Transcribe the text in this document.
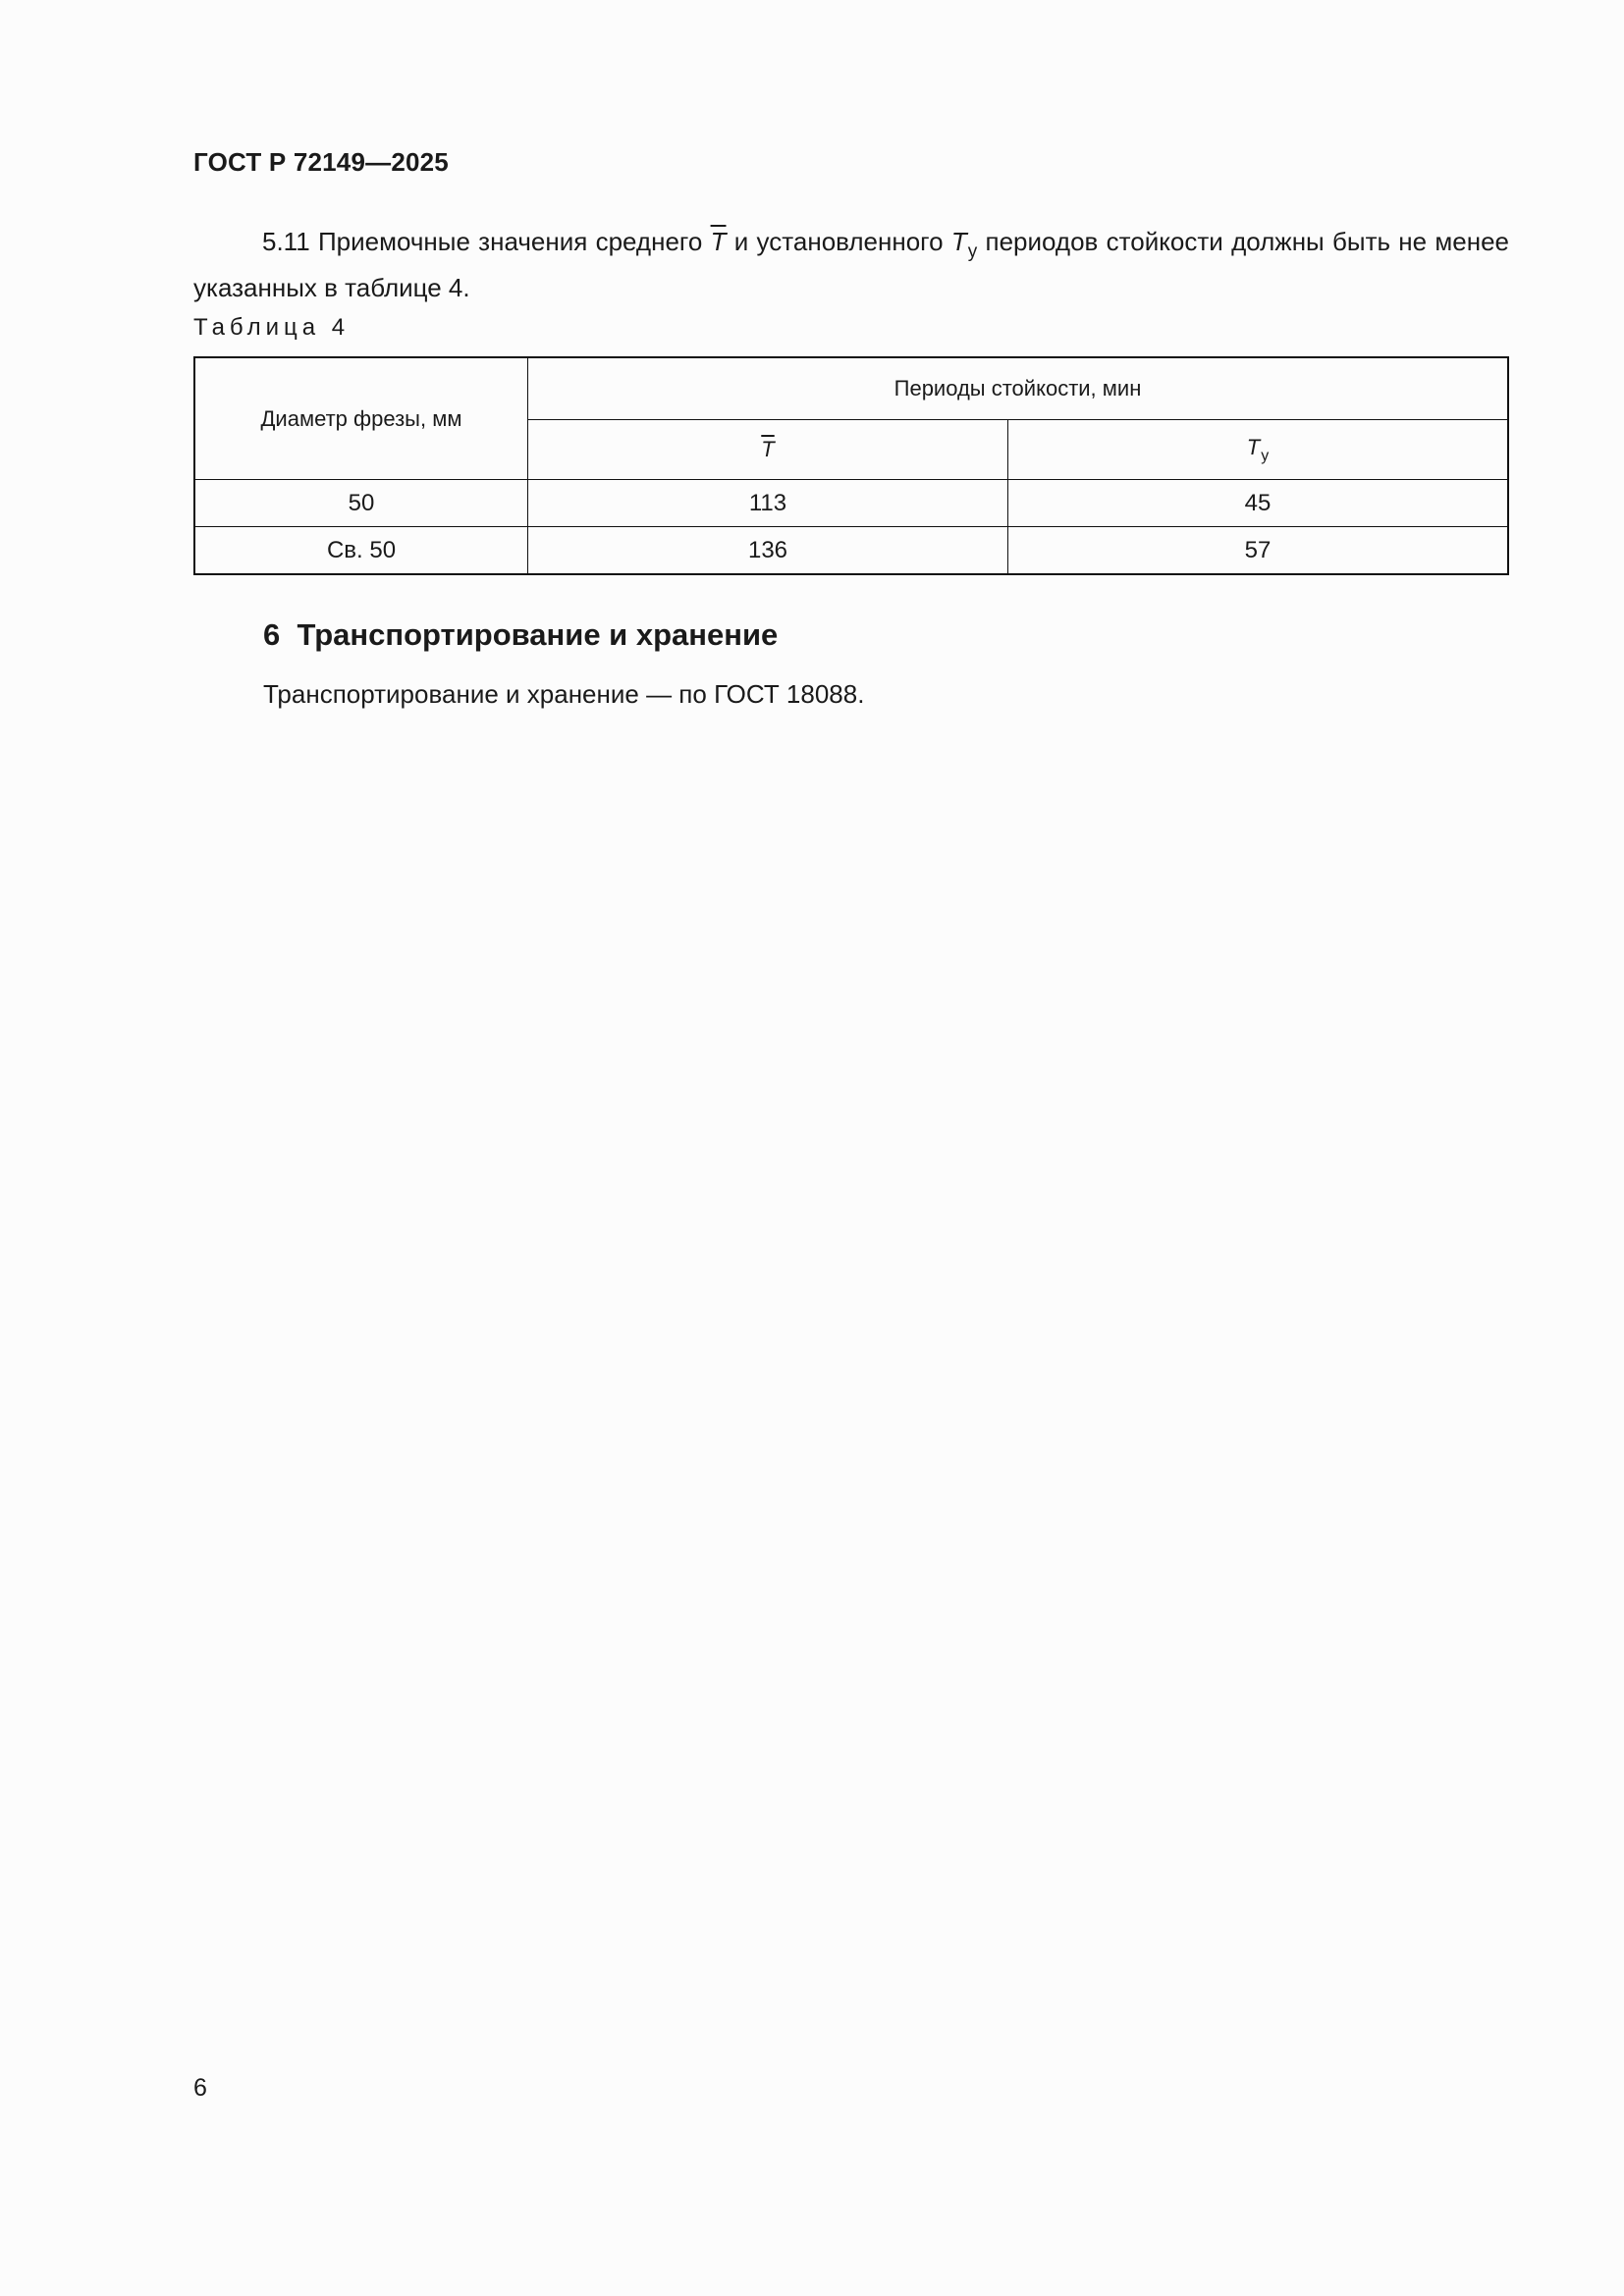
ГОСТ Р 72149—2025
5.11 Приемочные значения среднего $\overline{T}$ и установленного $T_у$ периодов стойкости должны быть не менее указанных в таблице 4.
Таблица 4
Диаметр фрезы, мм	Периоды стойкости, мин	
	$\overline{T}$	$T_у$
50	113	45
Св. 50	136	57
6  Транспортирование и хранение
Транспортирование и хранение — по ГОСТ 18088.
6
